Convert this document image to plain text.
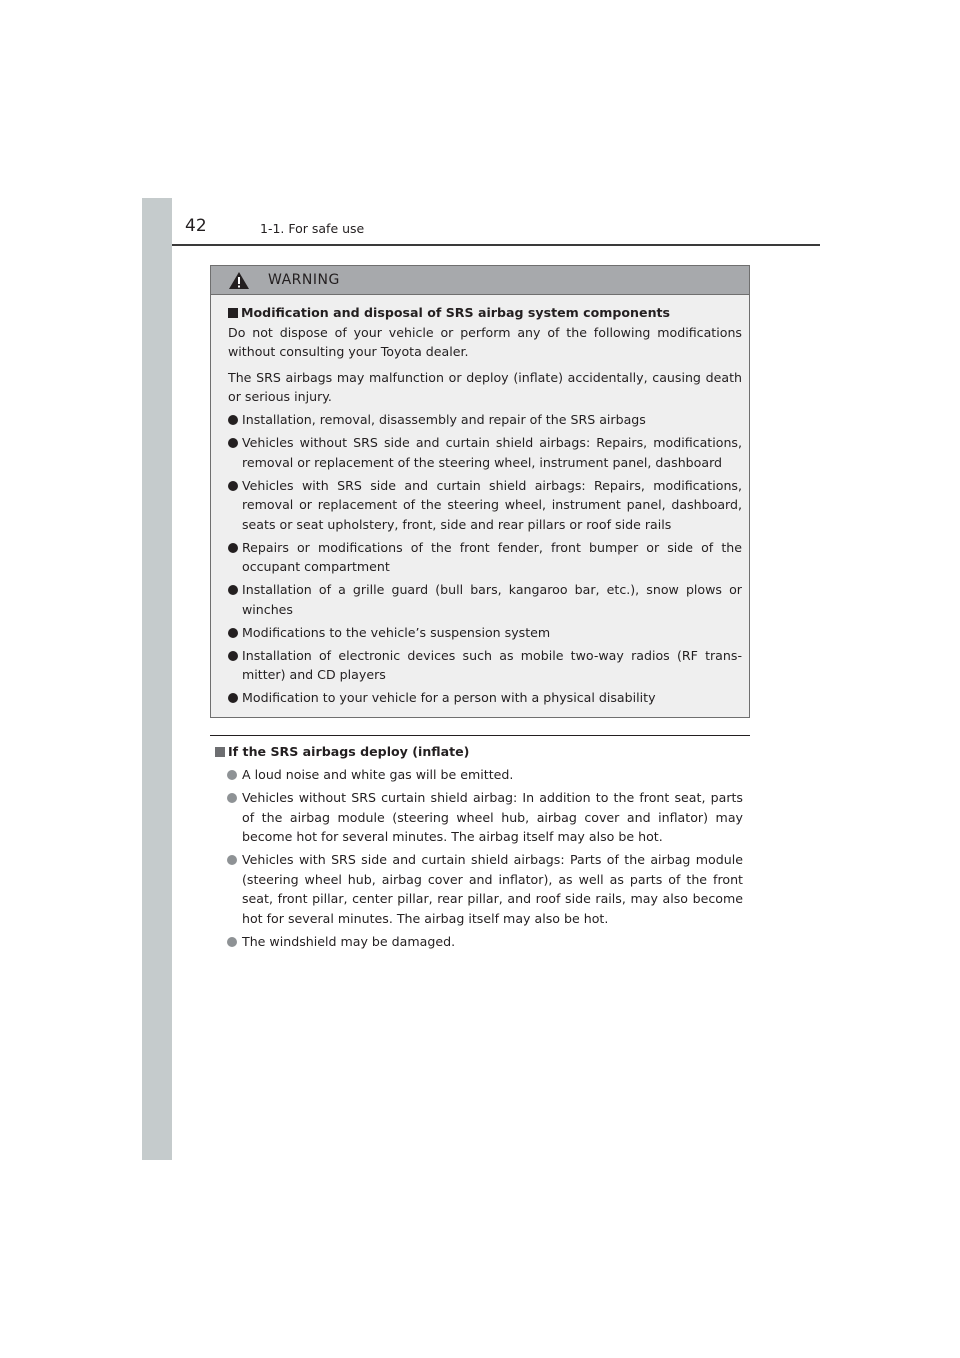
42	1-1. For safe use
WARNING
Modification and disposal of SRS airbag system components

Do not dispose of your vehicle or perform any of the following modifications without consulting your Toyota dealer.

The SRS airbags may malfunction or deploy (inflate) accidentally, causing death or serious injury.

Installation, removal, disassembly and repair of the SRS airbags
Vehicles without SRS side and curtain shield airbags: Repairs, modifications, removal or replacement of the steering wheel, instrument panel, dashboard
Vehicles with SRS side and curtain shield airbags: Repairs, modifications, removal or replacement of the steering wheel, instrument panel, dashboard, seats or seat upholstery, front, side and rear pillars or roof side rails
Repairs or modifications of the front fender, front bumper or side of the occupant compartment
Installation of a grille guard (bull bars, kangaroo bar, etc.), snow plows or winches
Modifications to the vehicle’s suspension system
Installation of electronic devices such as mobile two-way radios (RF trans-mitter) and CD players
Modification to your vehicle for a person with a physical disability
If the SRS airbags deploy (inflate)
A loud noise and white gas will be emitted.
Vehicles without SRS curtain shield airbag: In addition to the front seat, parts of the airbag module (steering wheel hub, airbag cover and inflator) may become hot for several minutes. The airbag itself may also be hot.
Vehicles with SRS side and curtain shield airbags: Parts of the airbag module (steering wheel hub, airbag cover and inflator), as well as parts of the front seat, front pillar, center pillar, rear pillar, and roof side rails, may also become hot for several minutes. The airbag itself may also be hot.
The windshield may be damaged.
